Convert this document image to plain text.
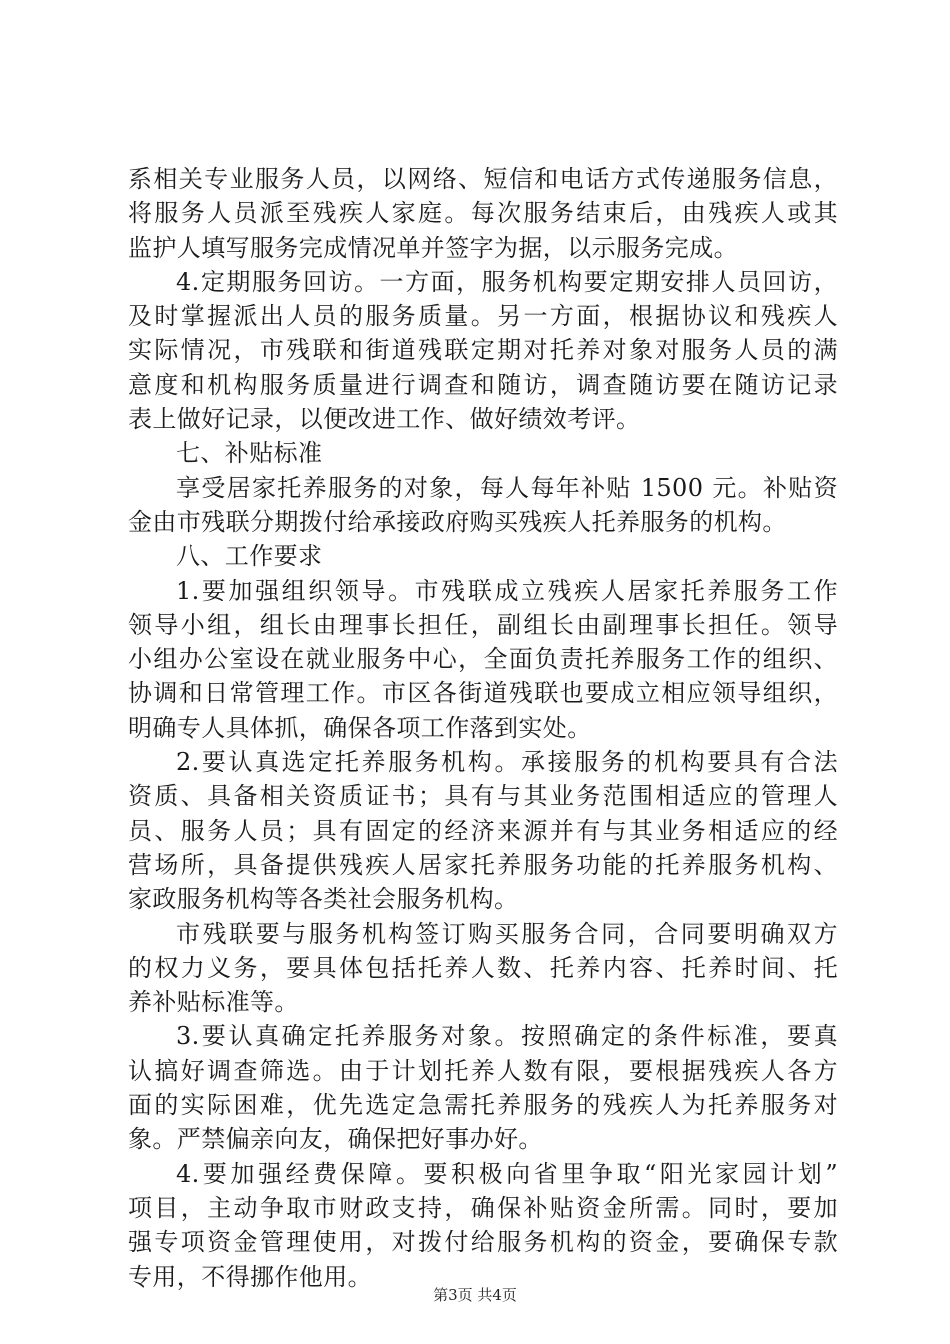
系相关专业服务人员，以网络、短信和电话方式传递服务信息，
将服务人员派至残疾人家庭。每次服务结束后，由残疾人或其
监护人填写服务完成情况单并签字为据，以示服务完成。
4.定期服务回访。一方面，服务机构要定期安排人员回访，
及时掌握派出人员的服务质量。另一方面，根据协议和残疾人
实际情况，市残联和街道残联定期对托养对象对服务人员的满
意度和机构服务质量进行调查和随访，调查随访要在随访记录
表上做好记录，以便改进工作、做好绩效考评。
七、补贴标准
享受居家托养服务的对象，每人每年补贴 1500 元。补贴资
金由市残联分期拨付给承接政府购买残疾人托养服务的机构。
八、工作要求
1.要加强组织领导。市残联成立残疾人居家托养服务工作
领导小组，组长由理事长担任，副组长由副理事长担任。领导
小组办公室设在就业服务中心，全面负责托养服务工作的组织、
协调和日常管理工作。市区各街道残联也要成立相应领导组织，
明确专人具体抓，确保各项工作落到实处。
2.要认真选定托养服务机构。承接服务的机构要具有合法
资质、具备相关资质证书；具有与其业务范围相适应的管理人
员、服务人员；具有固定的经济来源并有与其业务相适应的经
营场所，具备提供残疾人居家托养服务功能的托养服务机构、
家政服务机构等各类社会服务机构。
市残联要与服务机构签订购买服务合同，合同要明确双方
的权力义务，要具体包括托养人数、托养内容、托养时间、托
养补贴标准等。
3.要认真确定托养服务对象。按照确定的条件标准，要真
认搞好调查筛选。由于计划托养人数有限，要根据残疾人各方
面的实际困难，优先选定急需托养服务的残疾人为托养服务对
象。严禁偏亲向友，确保把好事办好。
4.要加强经费保障。要积极向省里争取“阳光家园计划”
项目，主动争取市财政支持，确保补贴资金所需。同时，要加
强专项资金管理使用，对拨付给服务机构的资金，要确保专款
专用，不得挪作他用。
第3页 共4页
